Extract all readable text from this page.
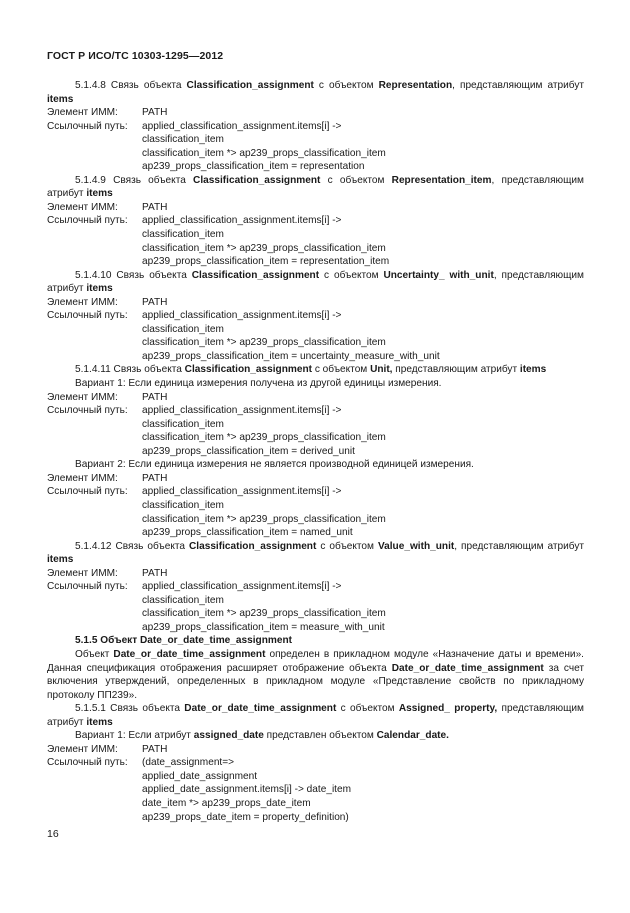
ГОСТ Р ИСО/ТС 10303-1295—2012
5.1.4.8 Связь объекта Classification_assignment с объектом Representation, представляющим атрибут items
Элемент ИММ:	PATH
Ссылочный путь:	applied_classification_assignment.items[i] ->
classification_item
classification_item *> ap239_props_classification_item
ap239_props_classification_item = representation
5.1.4.9 Связь объекта Classification_assignment с объектом Representation_item, представляющим атрибут items
Элемент ИММ:	PATH
Ссылочный путь:	applied_classification_assignment.items[i] ->
classification_item
classification_item *> ap239_props_classification_item
ap239_props_classification_item = representation_item
5.1.4.10 Связь объекта Classification_assignment с объектом Uncertainty_ with_unit, представляющим атрибут items
Элемент ИММ:	PATH
Ссылочный путь:	applied_classification_assignment.items[i] ->
classification_item
classification_item *> ap239_props_classification_item
ap239_props_classification_item = uncertainty_measure_with_unit
5.1.4.11 Связь объекта Classification_assignment с объектом Unit, представляющим атрибут items
Вариант 1: Если единица измерения получена из другой единицы измерения.
Элемент ИММ:	PATH
Ссылочный путь:	applied_classification_assignment.items[i] ->
classification_item
classification_item *> ap239_props_classification_item
ap239_props_classification_item = derived_unit
Вариант 2: Если единица измерения не является производной единицей измерения.
Элемент ИММ:	PATH
Ссылочный путь:	applied_classification_assignment.items[i] ->
classification_item
classification_item *> ap239_props_classification_item
ap239_props_classification_item = named_unit
5.1.4.12 Связь объекта Classification_assignment с объектом Value_with_unit, представляющим атрибут items
Элемент ИММ:	PATH
Ссылочный путь:	applied_classification_assignment.items[i] ->
classification_item
classification_item *> ap239_props_classification_item
ap239_props_classification_item = measure_with_unit
5.1.5 Объект Date_or_date_time_assignment
Объект Date_or_date_time_assignment определен в прикладном модуле «Назначение даты и времени». Данная спецификация отображения расширяет отображение объекта Date_or_date_time_assignment за счет включения утверждений, определенных в прикладном модуле «Представление свойств по прикладному протоколу ПП239».
5.1.5.1 Связь объекта Date_or_date_time_assignment с объектом Assigned_ property, представляющим атрибут items
Вариант 1: Если атрибут assigned_date представлен объектом Calendar_date.
Элемент ИММ:	PATH
Ссылочный путь:	(date_assignment=>
applied_date_assignment
applied_date_assignment.items[i] -> date_item
date_item *> ap239_props_date_item
ap239_props_date_item = property_definition)
16
